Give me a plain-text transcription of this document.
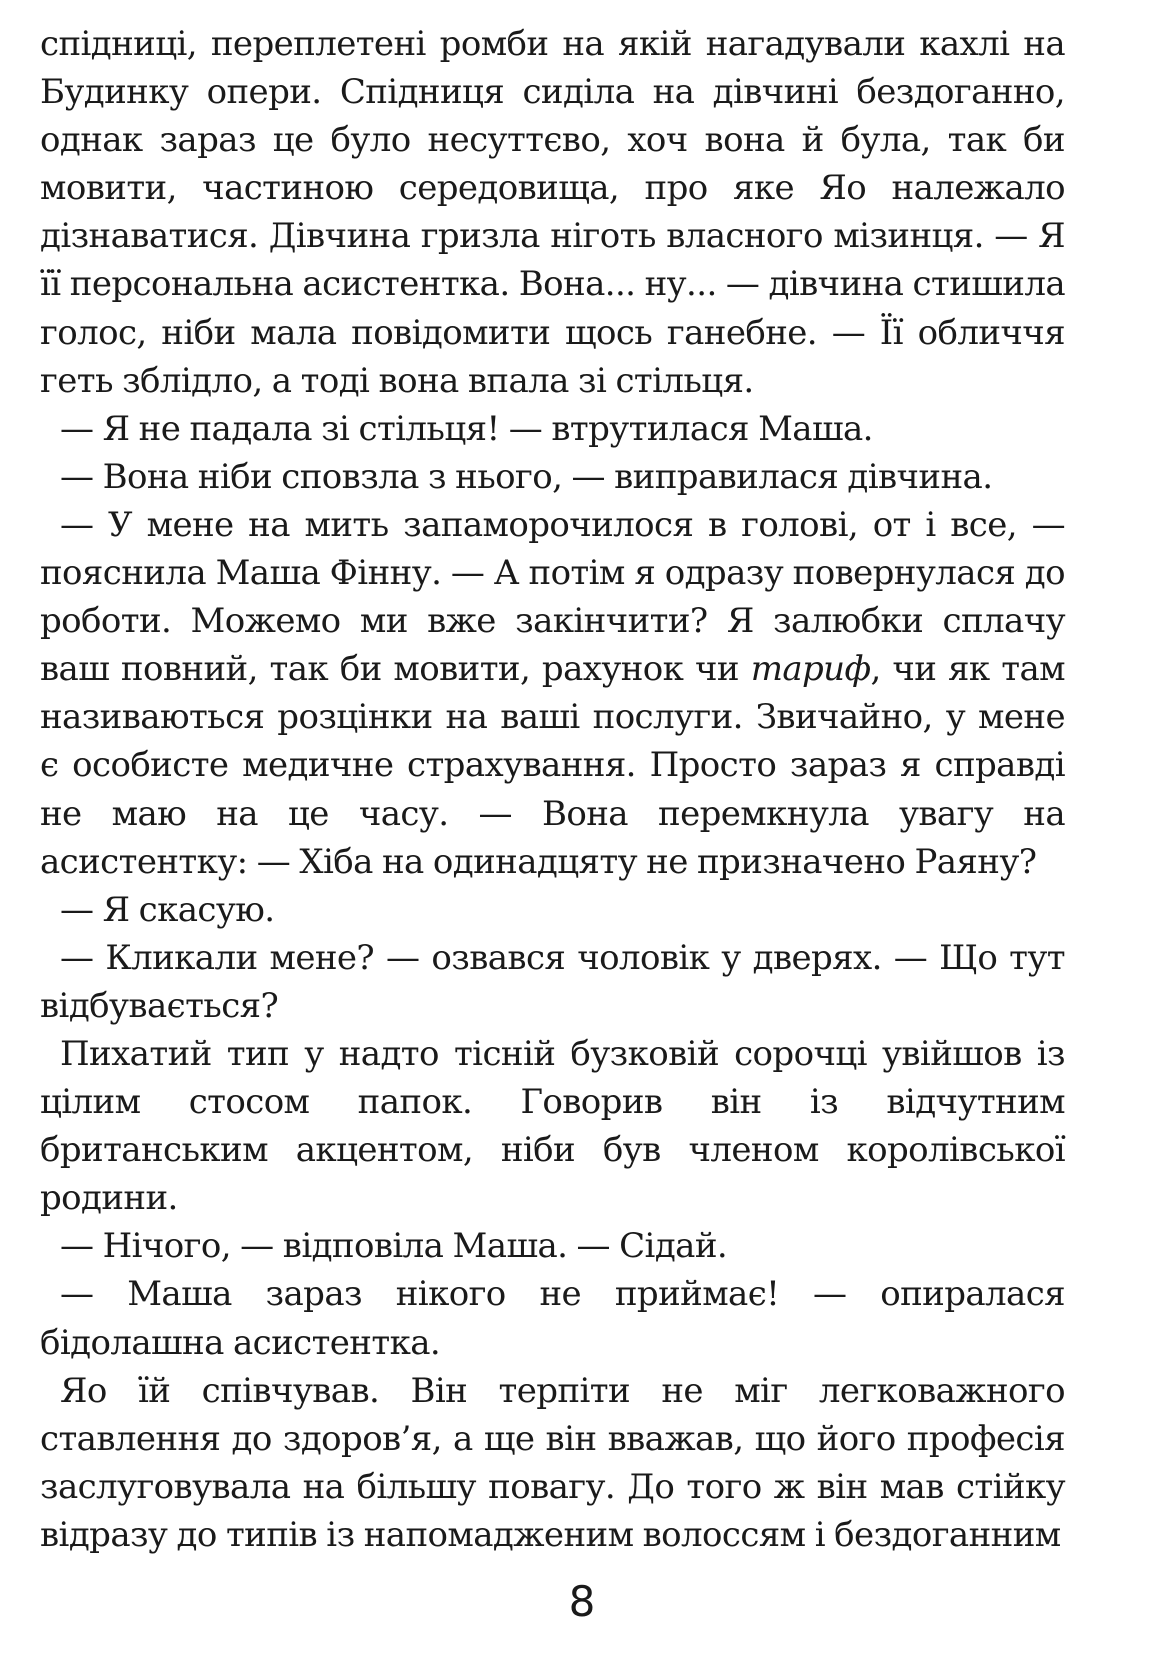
спідниці, переплетені ромби на якій нагадували кахлі на Будинку опери. Спідниця сиділа на дівчині бездоганно, однак зараз це було несуттєво, хоч вона й була, так би мовити, частиною середовища, про яке Яо належало дізнаватися. Дівчина гризла ніготь власного мізинця. — Я її персональна асистентка. Вона... ну... — дівчина стишила голос, ніби мала повідомити щось ганебне. — Її обличчя геть зблідло, а тоді вона впала зі стільця.

— Я не падала зі стільця! — втрутилася Маша.

— Вона ніби сповзла з нього, — виправилася дівчина.

— У мене на мить запаморочилося в голові, от і все, — пояснила Маша Фінну. — А потім я одразу повернулася до роботи. Можемо ми вже закінчити? Я залюбки сплачу ваш повний, так би мовити, рахунок чи тариф, чи як там називаються розцінки на ваші послуги. Звичайно, у мене є особисте медичне страхування. Просто зараз я справді не маю на це часу. — Вона перемкнула увагу на асистентку: — Хіба на одинадцяту не призначено Раяну?

— Я скасую.

— Кликали мене? — озвався чоловік у дверях. — Що тут відбувається?

Пихатий тип у надто тісній бузковій сорочці увійшов із цілим стосом папок. Говорив він із відчутним британським акцентом, ніби був членом королівської родини.

— Нічого, — відповіла Маша. — Сідай.

— Маша зараз нікого не приймає! — опиралася бідолашна асистентка.

Яо їй співчував. Він терпіти не міг легковажного ставлення до здоров’я, а ще він вважав, що його професія заслуговувала на більшу повагу. До того ж він мав стійку відразу до типів із напомадженим волоссям і бездоганним

8
